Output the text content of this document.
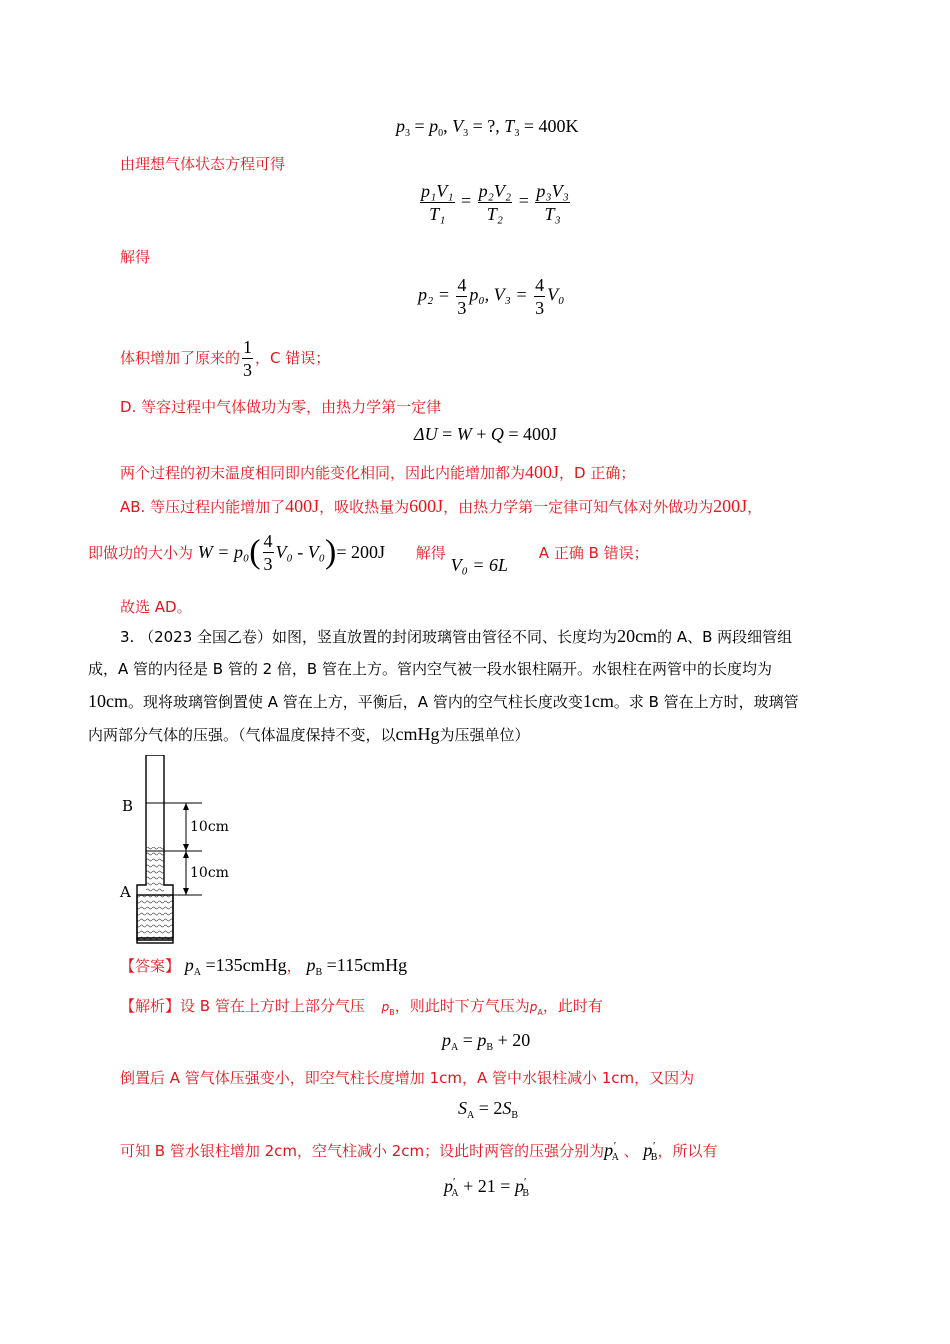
$p_3 = p_0$, $V_3$ = ?, $T_3 = 400K$
由理想气体状态方程可得
$\frac{\text{p₁V₁}}{\text{T₁}} = \frac{\text{p₂V₂}}{\text{T₂}} = \frac{\text{p₃V₃}}{\text{T₃}}$
解得
$p_2 = \frac{4}{3} p_0$, $V_3 = \frac{4}{3} V_0$
体积增加了原来的 $\frac{1}{3}$ ，C 错误；
D. 等容过程中气体做功为零，由热力学第一定律
ΔU = W + Q = 400J
两个过程的初末温度相同即内能变化相同，因此内能增加都为400J，D 正确；
AB. 等压过程内能增加了400J，吸收热量为600J，由热力学第一定律可知气体对外做功为200J，
即做功的大小为 $W = p_0( \frac{4}{3} V_0 - V_0)= 200J$ 解得 V₀ = 6L A 正确 B 错误；
故选 AD。
3. （2023 全国乙卷）如图，竖直放置的封闭玻璃管由管径不同、长度均为20cm的 A、B 两段细管组
成，A 管的内径是 B 管的 2 倍，B 管在上方。管内空气被一段水银柱隔开。水银柱在两管中的长度均为
10cm。现将玻璃管倒置使 A 管在上方，平衡后，A 管内的空气柱长度改变1cm。求 B 管在上方时，玻璃管
内两部分气体的压强。（气体温度保持不变，以cmHg为压强单位）
B
A
10cm
10cm
【答案】 $p_A$ =135cmHg， $p_B$ =115cmHg
【解析】设 B 管在上方时上部分气压 $p_B$，则此时下方气压为$p_A$，此时有
$p_A = p_B + 20$
倒置后 A 管气体压强变小，即空气柱长度增加 1cm，A 管中水银柱减小 1cm，又因为
$S_A = 2S_B$
可知 B 管水银柱增加 2cm，空气柱减小 2cm；设此时两管的压强分别为$p'_A$ 、 $p'_B$，所以有
$p'_A + 21 = p'_B$
